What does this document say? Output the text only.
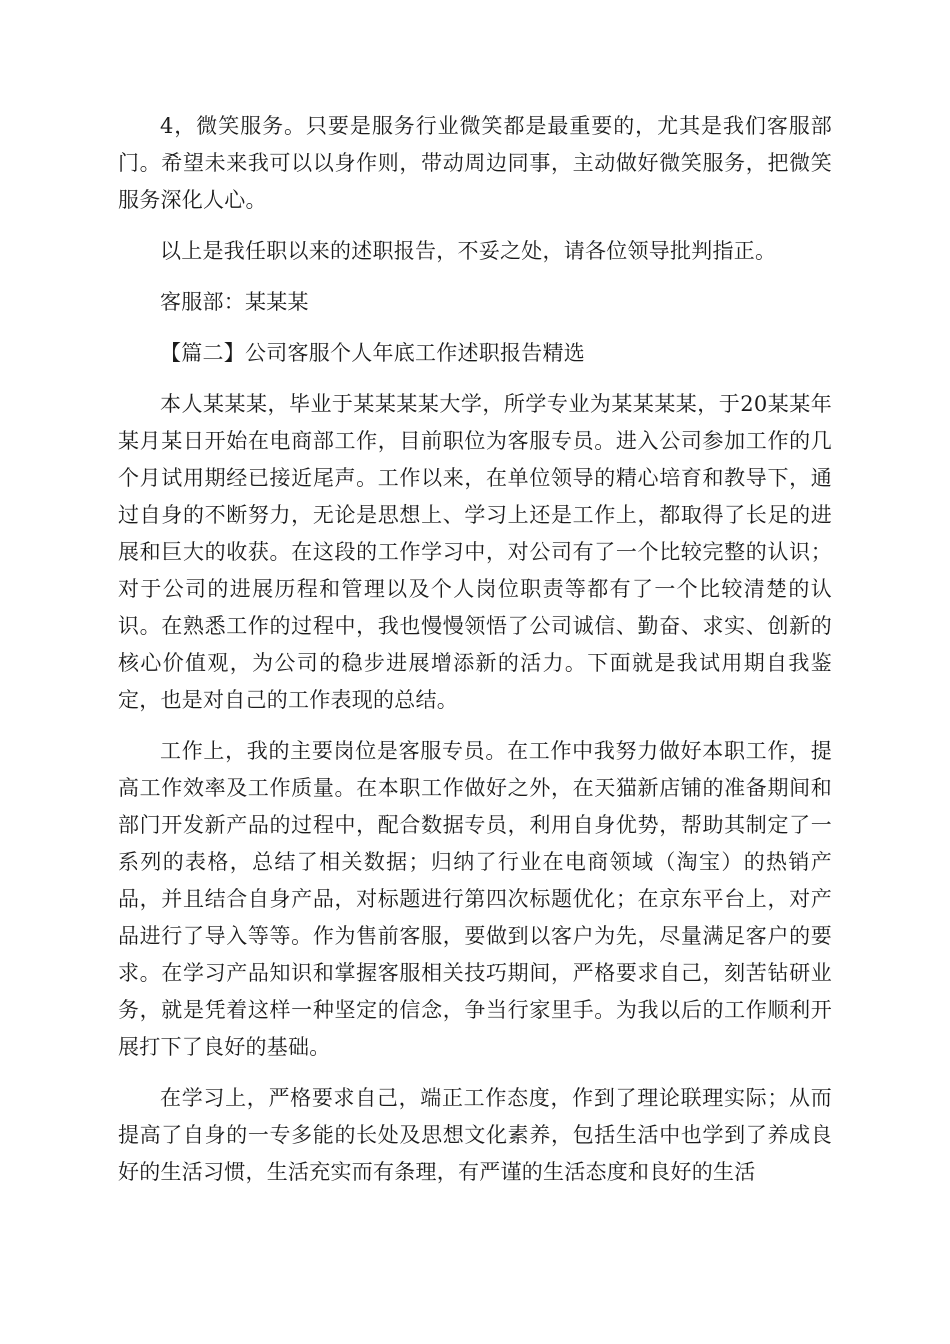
4，微笑服务。只要是服务行业微笑都是最重要的，尤其是我们客服部门。希望未来我可以以身作则，带动周边同事，主动做好微笑服务，把微笑服务深化人心。

以上是我任职以来的述职报告，不妥之处，请各位领导批判指正。

客服部：某某某

【篇二】公司客服个人年底工作述职报告精选

本人某某某，毕业于某某某某大学，所学专业为某某某某，于20某某年某月某日开始在电商部工作，目前职位为客服专员。进入公司参加工作的几个月试用期经已接近尾声。工作以来，在单位领导的精心培育和教导下，通过自身的不断努力，无论是思想上、学习上还是工作上，都取得了长足的进展和巨大的收获。在这段的工作学习中，对公司有了一个比较完整的认识；对于公司的进展历程和管理以及个人岗位职责等都有了一个比较清楚的认识。在熟悉工作的过程中，我也慢慢领悟了公司诚信、勤奋、求实、创新的核心价值观，为公司的稳步进展增添新的活力。下面就是我试用期自我鉴定，也是对自己的工作表现的总结。

工作上，我的主要岗位是客服专员。在工作中我努力做好本职工作，提高工作效率及工作质量。在本职工作做好之外，在天猫新店铺的准备期间和部门开发新产品的过程中，配合数据专员，利用自身优势，帮助其制定了一系列的表格，总结了相关数据；归纳了行业在电商领域（淘宝）的热销产品，并且结合自身产品，对标题进行第四次标题优化；在京东平台上，对产品进行了导入等等。作为售前客服，要做到以客户为先，尽量满足客户的要求。在学习产品知识和掌握客服相关技巧期间，严格要求自己，刻苦钻研业务，就是凭着这样一种坚定的信念，争当行家里手。为我以后的工作顺利开展打下了良好的基础。

在学习上，严格要求自己，端正工作态度，作到了理论联理实际；从而提高了自身的一专多能的长处及思想文化素养，包括生活中也学到了养成良好的生活习惯，生活充实而有条理，有严谨的生活态度和良好的生活
